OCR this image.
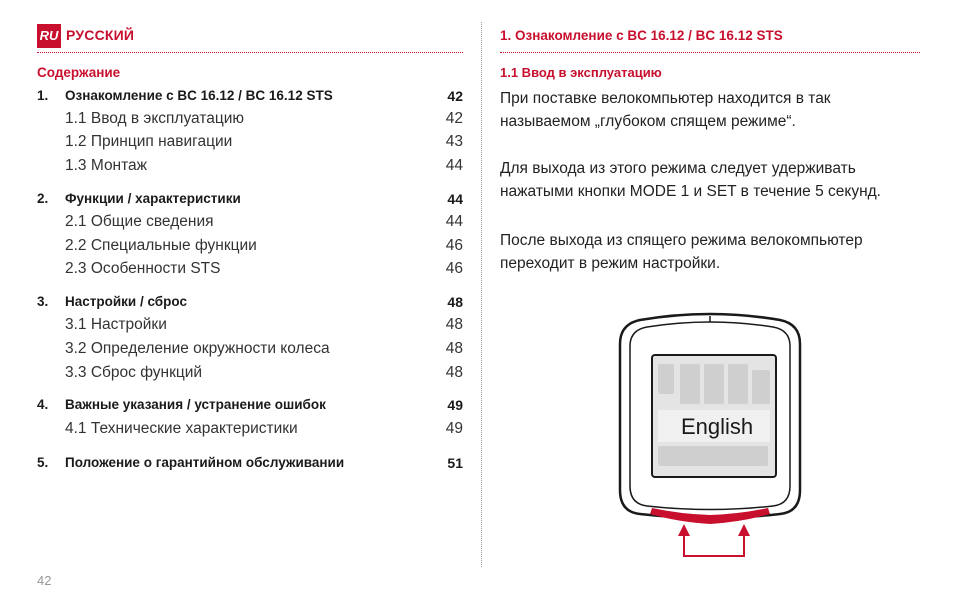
RU РУССКИЙ
Содержание
1. Ознакомление с BC 16.12 / BC 16.12 STS	42
1.1 Ввод в эксплуатацию	42
1.2 Принцип навигации	43
1.3 Монтаж	44
2. Функции / характеристики	44
2.1 Общие сведения	44
2.2 Специальные функции	46
2.3 Особенности STS	46
3. Настройки / сброс	48
3.1 Настройки	48
3.2 Определение окружности колеса	48
3.3 Сброс функций	48
4. Важные указания / устранение ошибок	49
4.1 Технические характеристики	49
5. Положение о гарантийном обслуживании	51
1. Ознакомление с BC 16.12 / BC 16.12 STS
1.1 Ввод в эксплуатацию
При поставке велокомпьютер находится в так называемом „глубоком спящем режиме“.
Для выхода из этого режима следует удерживать нажатыми кнопки MODE 1 и SET в течение 5 секунд.
После выхода из спящего режима велокомпьютер переходит в режим настройки.
English
42
